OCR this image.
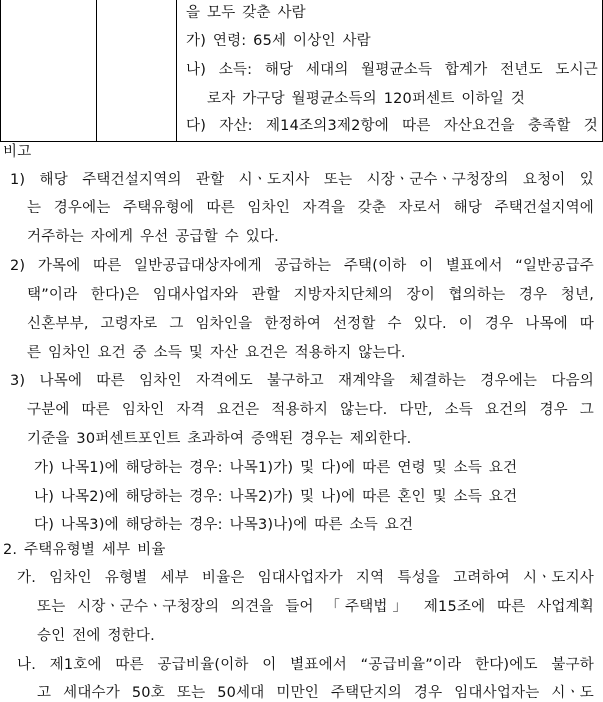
을 모두 갖춘 사람
가) 연령: 65세 이상인 사람
나) 소득: 해당 세대의 월평균소득 합계가 전년도 도시근
로자 가구당 월평균소득의 120퍼센트 이하일 것
다) 자산: 제14조의3제2항에 따른 자산요건을 충족할 것
비고
1) 해당 주택건설지역의 관할 시ㆍ도지사 또는 시장ㆍ군수ㆍ구청장의 요청이 있
는 경우에는 주택유형에 따른 임차인 자격을 갖춘 자로서 해당 주택건설지역에
거주하는 자에게 우선 공급할 수 있다.
2) 가목에 따른 일반공급대상자에게 공급하는 주택(이하 이 별표에서 “일반공급주
택”이라 한다)은 임대사업자와 관할 지방자치단체의 장이 협의하는 경우 청년,
신혼부부, 고령자로 그 임차인을 한정하여 선정할 수 있다. 이 경우 나목에 따
른 임차인 요건 중 소득 및 자산 요건은 적용하지 않는다.
3) 나목에 따른 임차인 자격에도 불구하고 재계약을 체결하는 경우에는 다음의
구분에 따른 임차인 자격 요건은 적용하지 않는다. 다만, 소득 요건의 경우 그
기준을 30퍼센트포인트 초과하여 증액된 경우는 제외한다.
가) 나목1)에 해당하는 경우: 나목1)가) 및 다)에 따른 연령 및 소득 요건
나) 나목2)에 해당하는 경우: 나목2)가) 및 나)에 따른 혼인 및 소득 요건
다) 나목3)에 해당하는 경우: 나목3)나)에 따른 소득 요건
2. 주택유형별 세부 비율
가. 임차인 유형별 세부 비율은 임대사업자가 지역 특성을 고려하여 시ㆍ도지사
또는 시장ㆍ군수ㆍ구청장의 의견을 들어 「주택법」 제15조에 따른 사업계획
승인 전에 정한다.
나. 제1호에 따른 공급비율(이하 이 별표에서 “공급비율”이라 한다)에도 불구하
고 세대수가 50호 또는 50세대 미만인 주택단지의 경우 임대사업자는 시ㆍ도
